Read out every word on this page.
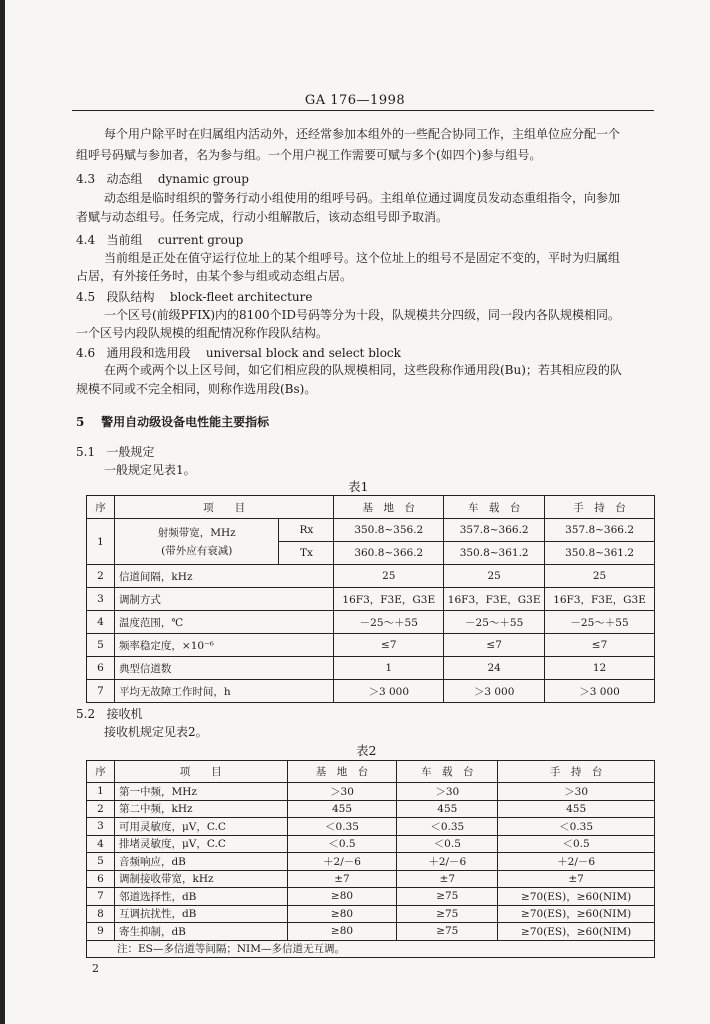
GA 176—1998
每个用户除平时在归属组内活动外，还经常参加本组外的一些配合协同工作，主组单位应分配一个
组呼号码赋与参加者，名为参与组。一个用户视工作需要可赋与多个(如四个)参与组号。
4.3 动态组 dynamic group
动态组是临时组织的警务行动小组使用的组呼号码。主组单位通过调度员发动态重组指令，向参加
者赋与动态组号。任务完成，行动小组解散后，该动态组号即予取消。
4.4 当前组 current group
当前组是正处在值守运行位址上的某个组呼号。这个位址上的组号不是固定不变的，平时为归属组
占居，有外接任务时，由某个参与组或动态组占居。
4.5 段队结构 block-fleet architecture
一个区号(前级PFIX)内的8100个ID号码等分为十段，队规模共分四级，同一段内各队规模相同。
一个区号内段队规模的组配情况称作段队结构。
4.6 通用段和选用段 universal block and select block
在两个或两个以上区号间，如它们相应段的队规模相同，这些段称作通用段(Bu)；若其相应段的队
规模不同或不完全相同，则称作选用段(Bs)。
5 警用自动级设备电性能主要指标
5.1 一般规定
一般规定见表1。
表1
序	项　　目		基　地　台	车　载　台	手　持　台
1	射频带宽，MHz
(带外应有衰减)	Rx	350.8~356.2	357.8~366.2	357.8~366.2
		Tx	360.8~366.2	350.8~361.2	350.8~361.2
2	信道间隔，kHz		25	25	25
3	调制方式		16F3，F3E，G3E	16F3，F3E，G3E	16F3，F3E，G3E
4	温度范围，℃		－25～＋55	－25～＋55	－25～＋55
5	频率稳定度，×10⁻⁶		≤7	≤7	≤7
6	典型信道数		1	24	12
7	平均无故障工作时间，h		＞3 000	＞3 000	＞3 000
5.2 接收机
接收机规定见表2。
表2
序	项　　目	基　地　台	车　载　台	手　持　台
1	第一中频，MHz	＞30	＞30	＞30
2	第二中频，kHz	455	455	455
3	可用灵敏度，μV，C.C	＜0.35	＜0.35	＜0.35
4	排堵灵敏度，μV，C.C	＜0.5	＜0.5	＜0.5
5	音频响应，dB	＋2/－6	＋2/－6	＋2/－6
6	调制接收带宽，kHz	±7	±7	±7
7	邻道选择性，dB	≥80	≥75	≥70(ES)，≥60(NIM)
8	互调抗扰性，dB	≥80	≥75	≥70(ES)，≥60(NIM)
9	寄生抑制，dB	≥80	≥75	≥70(ES)，≥60(NIM)
注：ES—多信道等间隔；NIM—多信道无互调。				
2
